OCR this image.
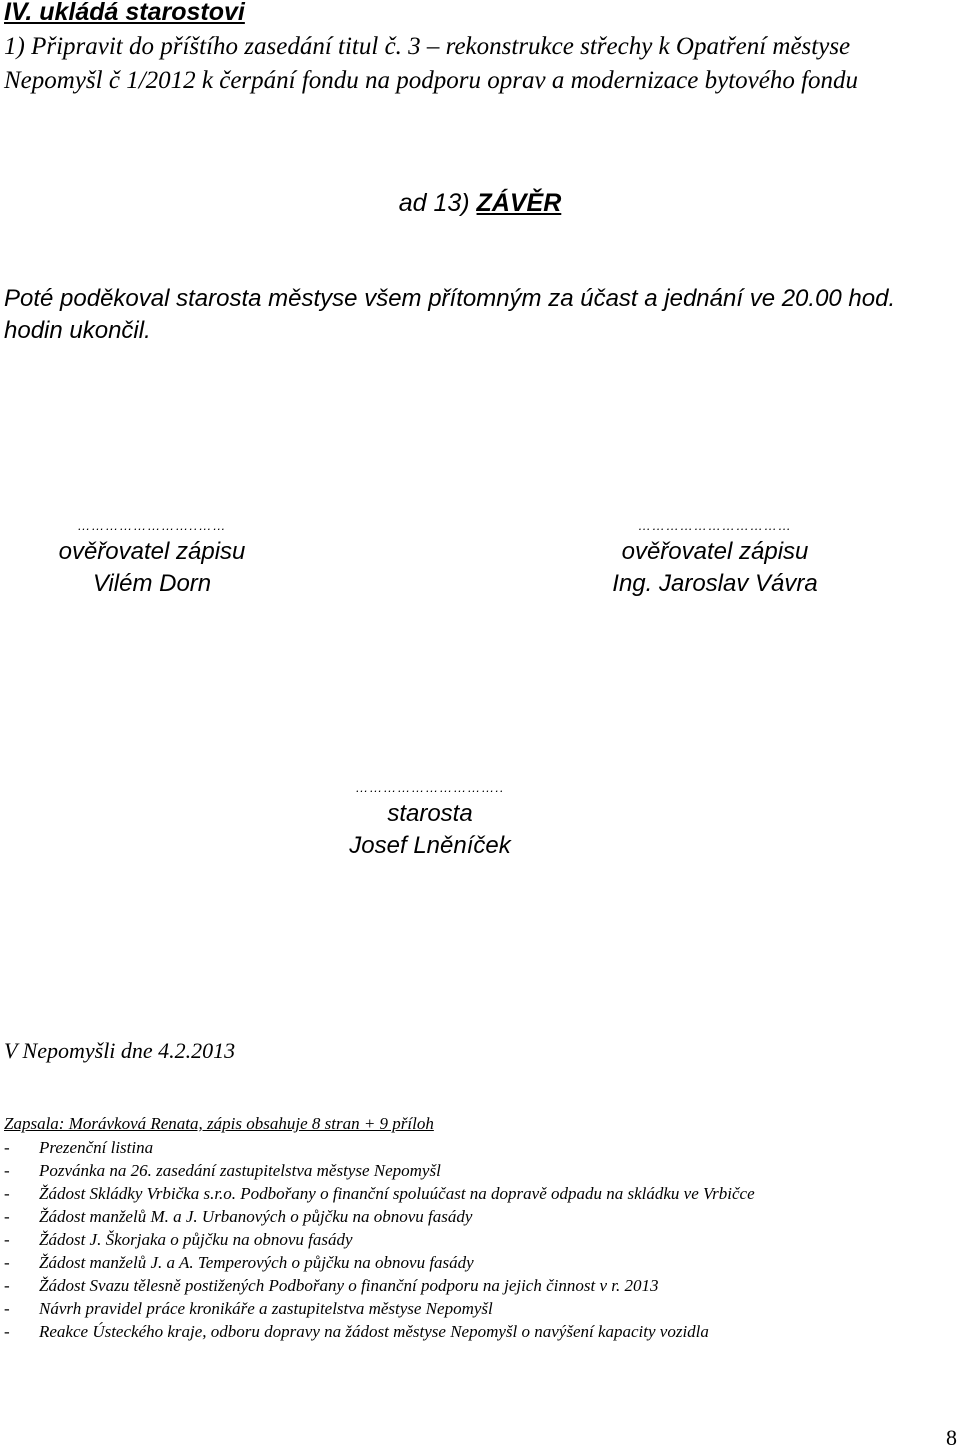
IV. ukládá starostovi
1) Připravit do příštího zasedání titul č. 3 – rekonstrukce střechy k Opatření městyse Nepomyšl č 1/2012 k čerpání fondu na podporu oprav a modernizace bytového fondu
ad 13) ZÁVĚR
Poté poděkoval starosta městyse všem přítomným za účast a jednání ve 20.00 hod. hodin ukončil.
……………………..……
ověřovatel zápisu
Vilém Dorn
……………………………
ověřovatel zápisu
Ing. Jaroslav Vávra
…………………………..
starosta
Josef Lněníček
V Nepomyšli dne 4.2.2013
Zapsala: Morávková Renata, zápis obsahuje 8 stran + 9 příloh
-	Prezenční listina
-	Pozvánka na 26. zasedání zastupitelstva městyse Nepomyšl
-	Žádost Skládky Vrbička s.r.o. Podbořany o finanční spoluúčast na dopravě odpadu na skládku ve Vrbičce
-	Žádost manželů M. a J. Urbanových o půjčku na obnovu fasády
-	Žádost J. Škorjaka o půjčku na obnovu fasády
-	Žádost manželů J. a A. Temperových o půjčku na obnovu fasády
-	Žádost Svazu tělesně postižených Podbořany o finanční podporu na jejich činnost v r. 2013
-	Návrh pravidel práce kronikáře a zastupitelstva městyse Nepomyšl
-	Reakce Ústeckého kraje, odboru dopravy na žádost městyse Nepomyšl o navýšení kapacity vozidla
8
